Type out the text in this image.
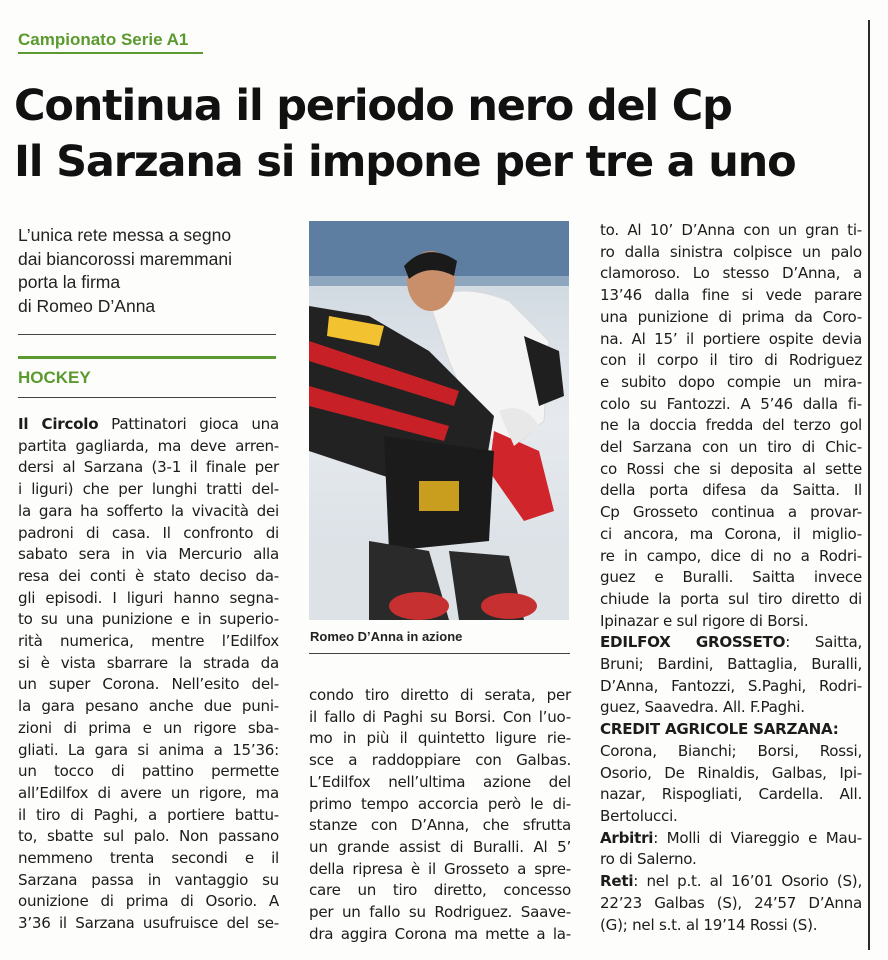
Campionato Serie A1
Continua il periodo nero del Cp
Il Sarzana si impone per tre a uno
L’unica rete messa a segno
dai biancorossi maremmani
porta la firma
di Romeo D’Anna
HOCKEY
Il Circolo Pattinatori gioca una
partita gagliarda, ma deve arren-
dersi al Sarzana (3-1 il finale per
i liguri) che per lunghi tratti del-
la gara ha sofferto la vivacità dei
padroni di casa. Il confronto di
sabato sera in via Mercurio alla
resa dei conti è stato deciso da-
gli episodi. I liguri hanno segna-
to su una punizione e in superio-
rità numerica, mentre l’Edilfox
si è vista sbarrare la strada da
un super Corona. Nell’esito del-
la gara pesano anche due puni-
zioni di prima e un rigore sba-
gliati. La gara si anima a 15’36:
un tocco di pattino permette
all’Edilfox di avere un rigore, ma
il tiro di Paghi, a portiere battu-
to, sbatte sul palo. Non passano
nemmeno trenta secondi e il
Sarzana passa in vantaggio su
ounizione di prima di Osorio. A
3’36 il Sarzana usufruisce del se-
Romeo D’Anna in azione
condo tiro diretto di serata, per
il fallo di Paghi su Borsi. Con l’uo-
mo in più il quintetto ligure rie-
sce a raddoppiare con Galbas.
L’Edilfox nell’ultima azione del
primo tempo accorcia però le di-
stanze con D’Anna, che sfrutta
un grande assist di Buralli. Al 5’
della ripresa è il Grosseto a spre-
care un tiro diretto, concesso
per un fallo su Rodriguez. Saave-
dra aggira Corona ma mette a la-
to. Al 10’ D’Anna con un gran ti-
ro dalla sinistra colpisce un palo
clamoroso. Lo stesso D’Anna, a
13’46 dalla fine si vede parare
una punizione di prima da Coro-
na. Al 15’ il portiere ospite devia
con il corpo il tiro di Rodriguez
e subito dopo compie un mira-
colo su Fantozzi. A 5’46 dalla fi-
ne la doccia fredda del terzo gol
del Sarzana con un tiro di Chic-
co Rossi che si deposita al sette
della porta difesa da Saitta. Il
Cp Grosseto continua a provar-
ci ancora, ma Corona, il miglio-
re in campo, dice di no a Rodri-
guez e Buralli. Saitta invece
chiude la porta sul tiro diretto di
Ipinazar e sul rigore di Borsi.
EDILFOX GROSSETO: Saitta,
Bruni; Bardini, Battaglia, Buralli,
D’Anna, Fantozzi, S.Paghi, Rodri-
guez, Saavedra. All. F.Paghi.
CREDIT AGRICOLE SARZANA:
Corona, Bianchi; Borsi, Rossi,
Osorio, De Rinaldis, Galbas, Ipi-
nazar, Rispogliati, Cardella. All.
Bertolucci.
Arbitri: Molli di Viareggio e Mau-
ro di Salerno.
Reti: nel p.t. al 16’01 Osorio (S),
22’23 Galbas (S), 24’57 D’Anna
(G); nel s.t. al 19’14 Rossi (S).
